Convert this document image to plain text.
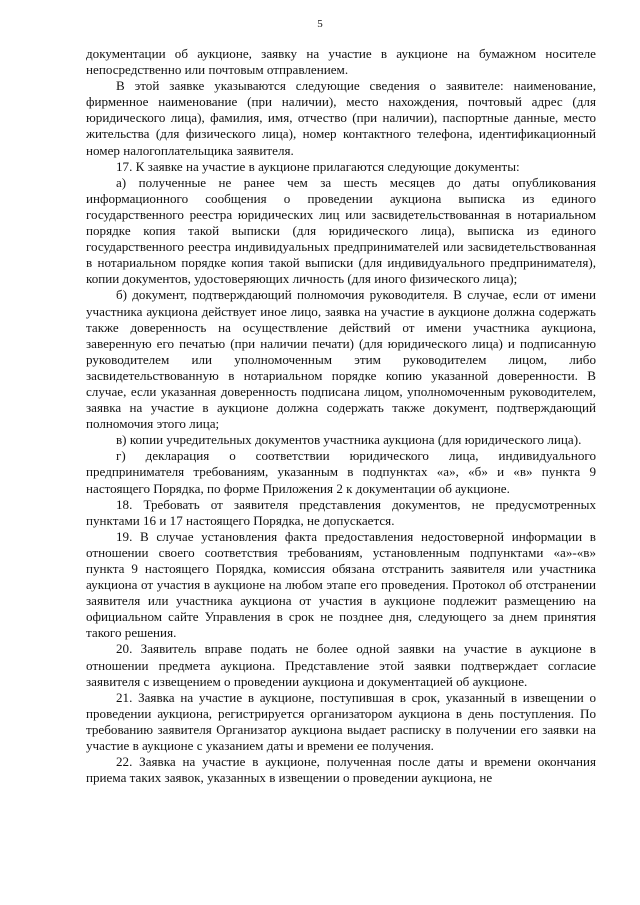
5

документации об аукционе, заявку на участие в аукционе на бумажном носителе непосредственно или почтовым отправлением.

В этой заявке указываются следующие сведения о заявителе: наименование, фирменное наименование (при наличии), место нахождения, почтовый адрес (для юридического лица), фамилия, имя, отчество (при наличии), паспортные данные, место жительства (для физического лица), номер контактного телефона, идентификационный номер налогоплательщика заявителя.

17. К заявке на участие в аукционе прилагаются следующие документы:

а) полученные не ранее чем за шесть месяцев до даты опубликования информационного сообщения о проведении аукциона выписка из единого государственного реестра юридических лиц или засвидетельствованная в нотариальном порядке копия такой выписки (для юридического лица), выписка из единого государственного реестра индивидуальных предпринимателей или засвидетельствованная в нотариальном порядке копия такой выписки (для индивидуального предпринимателя), копии документов, удостоверяющих личность (для иного физического лица);

б) документ, подтверждающий полномочия руководителя. В случае, если от имени участника аукциона действует иное лицо, заявка на участие в аукционе должна содержать также доверенность на осуществление действий от имени участника аукциона, заверенную его печатью (при наличии печати) (для юридического лица) и подписанную руководителем или уполномоченным этим руководителем лицом, либо засвидетельствованную в нотариальном порядке копию указанной доверенности. В случае, если указанная доверенность подписана лицом, уполномоченным руководителем, заявка на участие в аукционе должна содержать также документ, подтверждающий полномочия этого лица;

в) копии учредительных документов участника аукциона (для юридического лица).

г) декларация о соответствии юридического лица, индивидуального предпринимателя требованиям, указанным в подпунктах «а», «б» и «в» пункта 9 настоящего Порядка, по форме Приложения 2 к документации об аукционе.

18. Требовать от заявителя представления документов, не предусмотренных пунктами 16 и 17 настоящего Порядка, не допускается.

19. В случае установления факта предоставления недостоверной информации в отношении своего соответствия требованиям, установленным подпунктами «а»-«в» пункта 9 настоящего Порядка, комиссия обязана отстранить заявителя или участника аукциона от участия в аукционе на любом этапе его проведения. Протокол об отстранении заявителя или участника аукциона от участия в аукционе подлежит размещению на официальном сайте Управления в срок не позднее дня, следующего за днем принятия такого решения.

20. Заявитель вправе подать не более одной заявки на участие в аукционе в отношении предмета аукциона. Представление этой заявки подтверждает согласие заявителя с извещением о проведении аукциона и документацией об аукционе.

21. Заявка на участие в аукционе, поступившая в срок, указанный в извещении о проведении аукциона, регистрируется организатором аукциона в день поступления. По требованию заявителя Организатор аукциона выдает расписку в получении его заявки на участие в аукционе с указанием даты и времени ее получения.

22. Заявка на участие в аукционе, полученная после даты и времени окончания приема таких заявок, указанных в извещении о проведении аукциона, не
